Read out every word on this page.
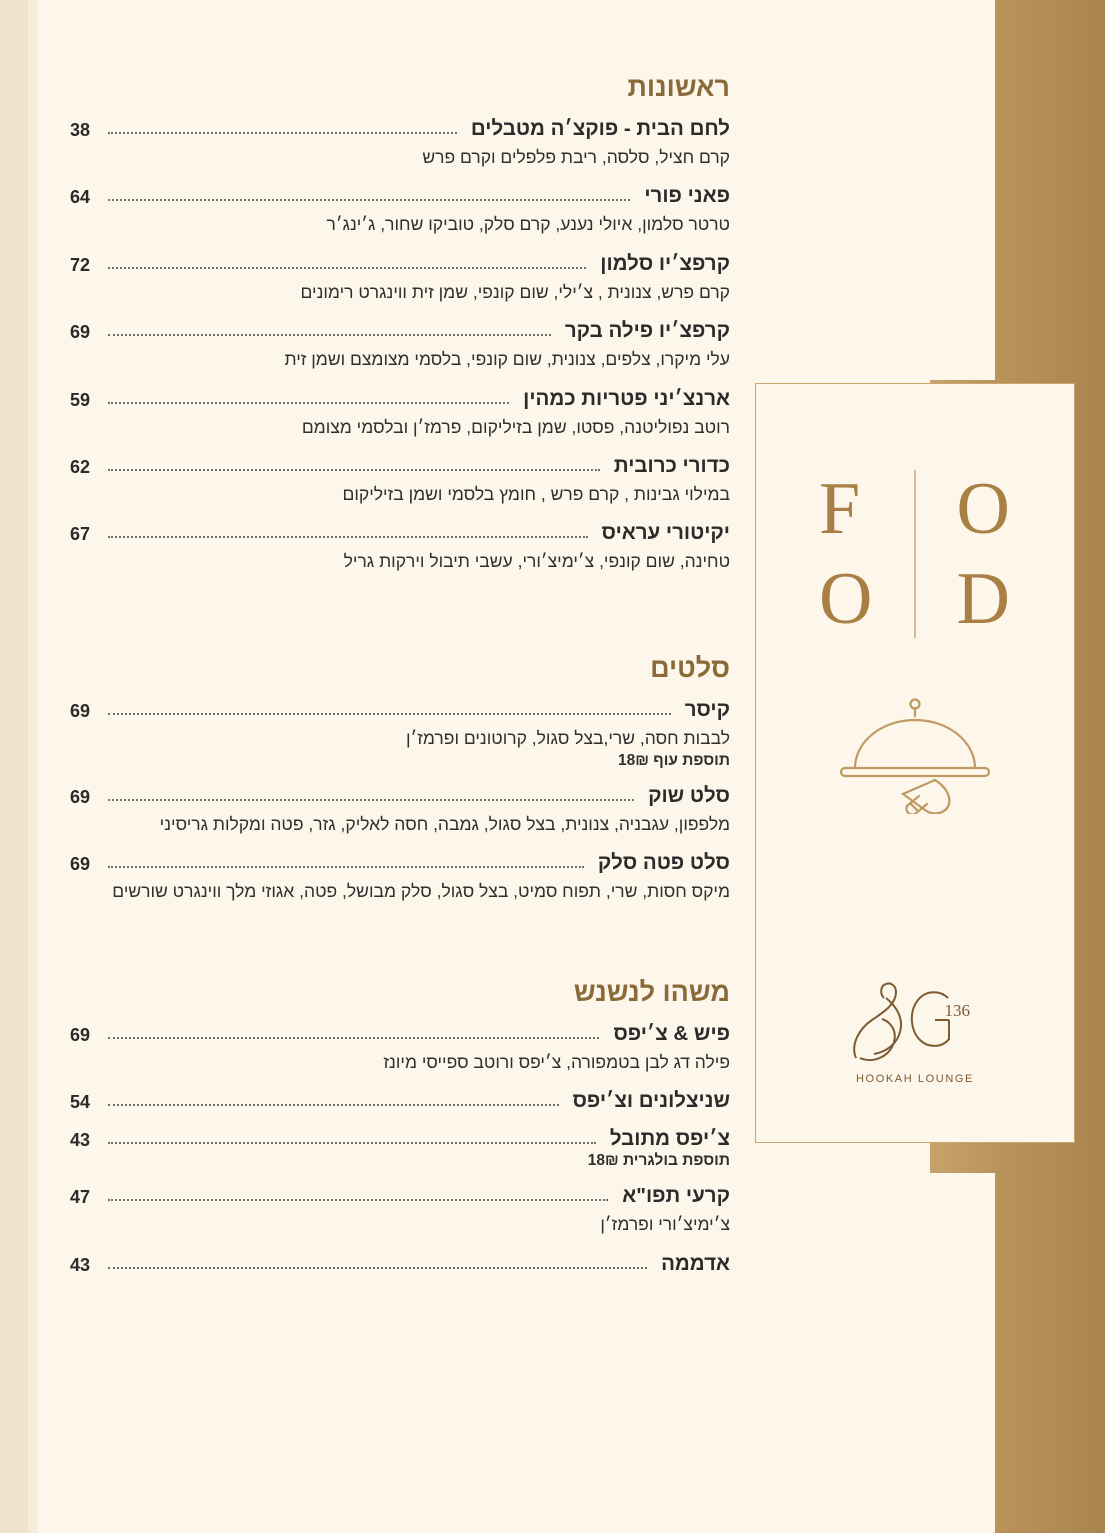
F
O
O
D
136
HOOKAH LOUNGE
ראשונות
לחם הבית - פוקצ׳ה מטבלים
38
קרם חציל, סלסה, ריבת פלפלים וקרם פרש
פאני פורי
64
טרטר סלמון, איולי נענע, קרם סלק, טוביקו שחור, ג׳ינג׳ר
קרפצ׳יו סלמון
72
קרם פרש, צנונית , צ׳ילי, שום קונפי, שמן זית ווינגרט רימונים
קרפצ׳יו פילה בקר
69
עלי מיקרו, צלפים, צנונית, שום קונפי, בלסמי מצומצם ושמן זית
ארנצ׳יני פטריות כמהין
59
רוטב נפוליטנה, פסטו, שמן בזיליקום, פרמז׳ן ובלסמי מצומם
כדורי כרובית
62
במילוי גבינות , קרם פרש , חומץ בלסמי ושמן בזיליקום
יקיטורי עראיס
67
טחינה, שום קונפי, צ׳ימיצ׳ורי, עשבי תיבול וירקות גריל
סלטים
קיסר
69
לבבות חסה, שרי,בצל סגול, קרוטונים ופרמז׳ן
תוספת עוף 18₪
סלט שוק
69
מלפפון, עגבניה, צנונית, בצל סגול, גמבה, חסה לאליק, גזר, פטה ומקלות גריסיני
סלט פטה סלק
69
מיקס חסות, שרי, תפוח סמיט, בצל סגול, סלק מבושל, פטה, אגוזי מלך ווינגרט שורשים
משהו לנשנש
פיש & צ׳יפס
69
פילה דג לבן בטמפורה, צ׳יפס ורוטב ספייסי מיונז
שניצלונים וצ׳יפס
54
צ׳יפס מתובל
43
תוספת בולגרית 18₪
קרעי תפו"א
47
צ׳ימיצ׳ורי ופרמז׳ן
אדממה
43
